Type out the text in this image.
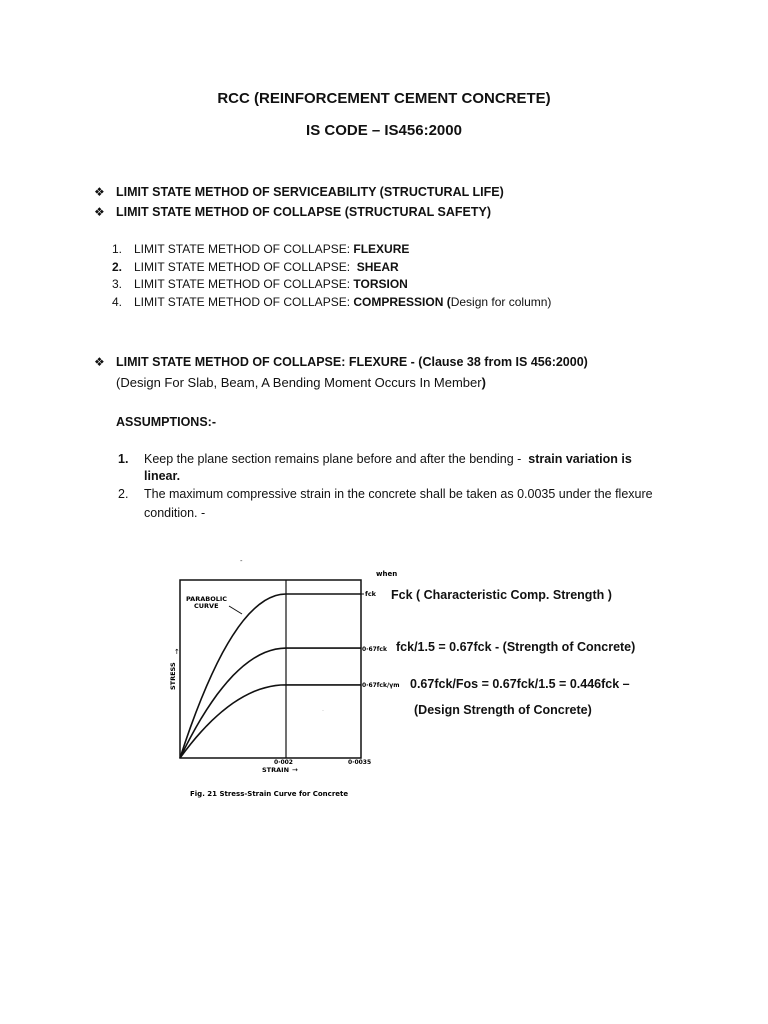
RCC (REINFORCEMENT CEMENT CONCRETE)
IS CODE – IS456:2000
❖ LIMIT STATE METHOD OF SERVICEABILITY (STRUCTURAL LIFE)
❖ LIMIT STATE METHOD OF COLLAPSE (STRUCTURAL SAFETY)
1. LIMIT STATE METHOD OF COLLAPSE: FLEXURE
2. LIMIT STATE METHOD OF COLLAPSE:  SHEAR
3. LIMIT STATE METHOD OF COLLAPSE: TORSION
4. LIMIT STATE METHOD OF COLLAPSE: COMPRESSION (Design for column)
❖ LIMIT STATE METHOD OF COLLAPSE: FLEXURE - (Clause 38 from IS 456:2000)
(Design For Slab, Beam, A Bending Moment Occurs In Member)
ASSUMPTIONS:-
1. Keep the plane section remains plane before and after the bending -  strain variation is
linear.
2. The maximum compressive strain in the concrete shall be taken as 0.0035 under the flexure
condition. -
-
PARABOLIC
CURVE
fck
0·67fck
0·67fck/γm
when
STRESS
↑
STRAIN →
0·002	0·0035
Fig. 21 Stress-Strain Curve for Concrete
Fck ( Characteristic Comp. Strength )
fck/1.5 = 0.67fck - (Strength of Concrete)
0.67fck/Fos = 0.67fck/1.5 = 0.446fck –
(Design Strength of Concrete)
·
